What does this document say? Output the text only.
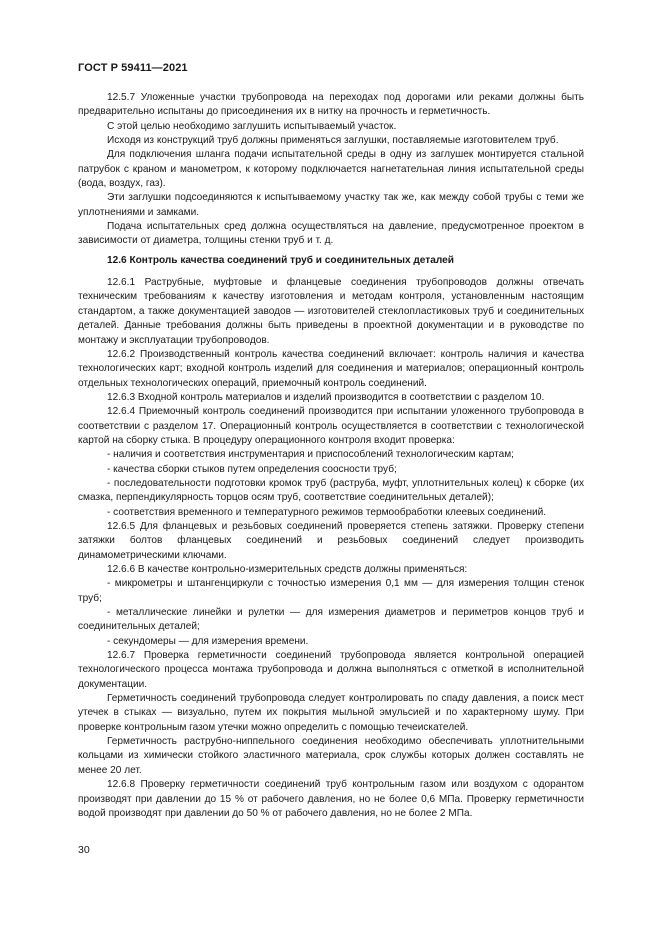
ГОСТ Р 59411—2021

12.5.7 Уложенные участки трубопровода на переходах под дорогами или реками должны быть предварительно испытаны до присоединения их в нитку на прочность и герметичность.

С этой целью необходимо заглушить испытываемый участок.

Исходя из конструкций труб должны применяться заглушки, поставляемые изготовителем труб.

Для подключения шланга подачи испытательной среды в одну из заглушек монтируется стальной патрубок с краном и манометром, к которому подключается нагнетательная линия испытательной среды (вода, воздух, газ).

Эти заглушки подсоединяются к испытываемому участку так же, как между собой трубы с теми же уплотнениями и замками.

Подача испытательных сред должна осуществляться на давление, предусмотренное проектом в зависимости от диаметра, толщины стенки труб и т. д.

12.6 Контроль качества соединений труб и соединительных деталей

12.6.1 Раструбные, муфтовые и фланцевые соединения трубопроводов должны отвечать техническим требованиям к качеству изготовления и методам контроля, установленным настоящим стандартом, а также документацией заводов — изготовителей стеклопластиковых труб и соединительных деталей. Данные требования должны быть приведены в проектной документации и в руководстве по монтажу и эксплуатации трубопроводов.

12.6.2 Производственный контроль качества соединений включает: контроль наличия и качества технологических карт; входной контроль изделий для соединения и материалов; операционный контроль отдельных технологических операций, приемочный контроль соединений.

12.6.3 Входной контроль материалов и изделий производится в соответствии с разделом 10.

12.6.4 Приемочный контроль соединений производится при испытании уложенного трубопровода в соответствии с разделом 17. Операционный контроль осуществляется в соответствии с технологической картой на сборку стыка. В процедуру операционного контроля входит проверка:

- наличия и соответствия инструментария и приспособлений технологическим картам;

- качества сборки стыков путем определения соосности труб;

- последовательности подготовки кромок труб (раструба, муфт, уплотнительных колец) к сборке (их смазка, перпендикулярность торцов осям труб, соответствие соединительных деталей);

- соответствия временного и температурного режимов термообработки клеевых соединений.

12.6.5 Для фланцевых и резьбовых соединений проверяется степень затяжки. Проверку степени затяжки болтов фланцевых соединений и резьбовых соединений следует производить динамометрическими ключами.

12.6.6 В качестве контрольно-измерительных средств должны применяться:

- микрометры и штангенциркули с точностью измерения 0,1 мм — для измерения толщин стенок труб;

- металлические линейки и рулетки — для измерения диаметров и периметров концов труб и соединительных деталей;

- секундомеры — для измерения времени.

12.6.7 Проверка герметичности соединений трубопровода является контрольной операцией технологического процесса монтажа трубопровода и должна выполняться с отметкой в исполнительной документации.

Герметичность соединений трубопровода следует контролировать по спаду давления, а поиск мест утечек в стыках — визуально, путем их покрытия мыльной эмульсией и по характерному шуму. При проверке контрольным газом утечки можно определить с помощью течеискателей.

Герметичность раструбно-ниппельного соединения необходимо обеспечивать уплотнительными кольцами из химически стойкого эластичного материала, срок службы которых должен составлять не менее 20 лет.

12.6.8 Проверку герметичности соединений труб контрольным газом или воздухом с одорантом производят при давлении до 15 % от рабочего давления, но не более 0,6 МПа. Проверку герметичности водой производят при давлении до 50 % от рабочего давления, но не более 2 МПа.

30
